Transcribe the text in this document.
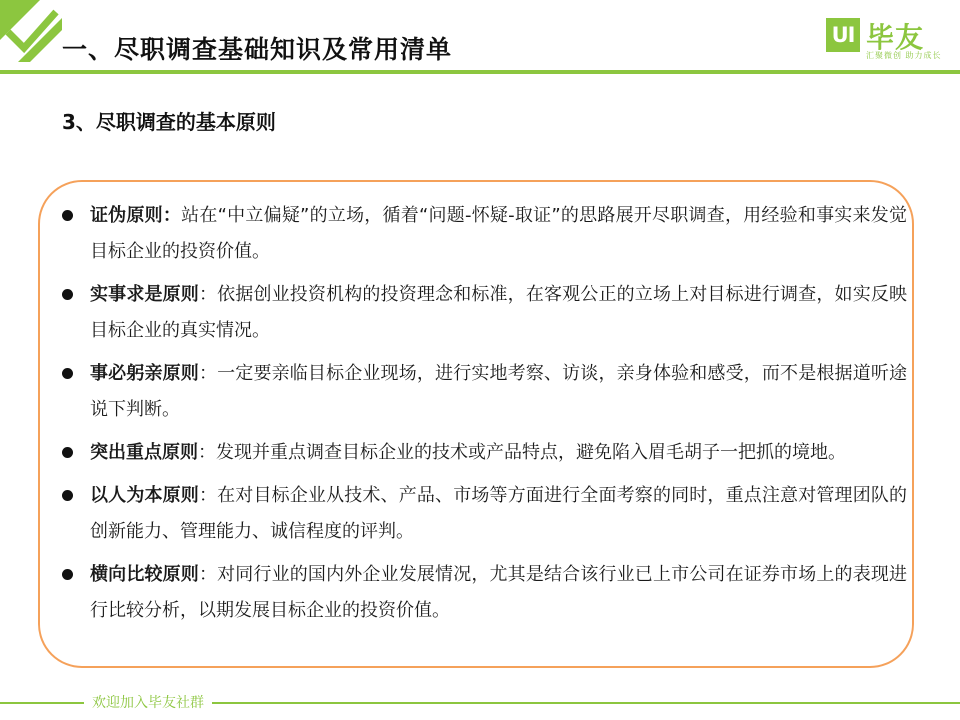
一、尽职调查基础知识及常用清单	UI 毕友
汇聚微创 助力成长
3、尽职调查的基本原则
证伪原则：站在“中立偏疑”的立场，循着“问题-怀疑-取证”的思路展开尽职调查，用经验和事实来发觉目标企业的投资价值。
实事求是原则：依据创业投资机构的投资理念和标准，在客观公正的立场上对目标进行调查，如实反映目标企业的真实情况。
事必躬亲原则：一定要亲临目标企业现场，进行实地考察、访谈，亲身体验和感受，而不是根据道听途说下判断。
突出重点原则：发现并重点调查目标企业的技术或产品特点，避免陷入眉毛胡子一把抓的境地。
以人为本原则：在对目标企业从技术、产品、市场等方面进行全面考察的同时，重点注意对管理团队的创新能力、管理能力、诚信程度的评判。
横向比较原则：对同行业的国内外企业发展情况，尤其是结合该行业已上市公司在证券市场上的表现进行比较分析，以期发展目标企业的投资价值。
欢迎加入毕友社群
